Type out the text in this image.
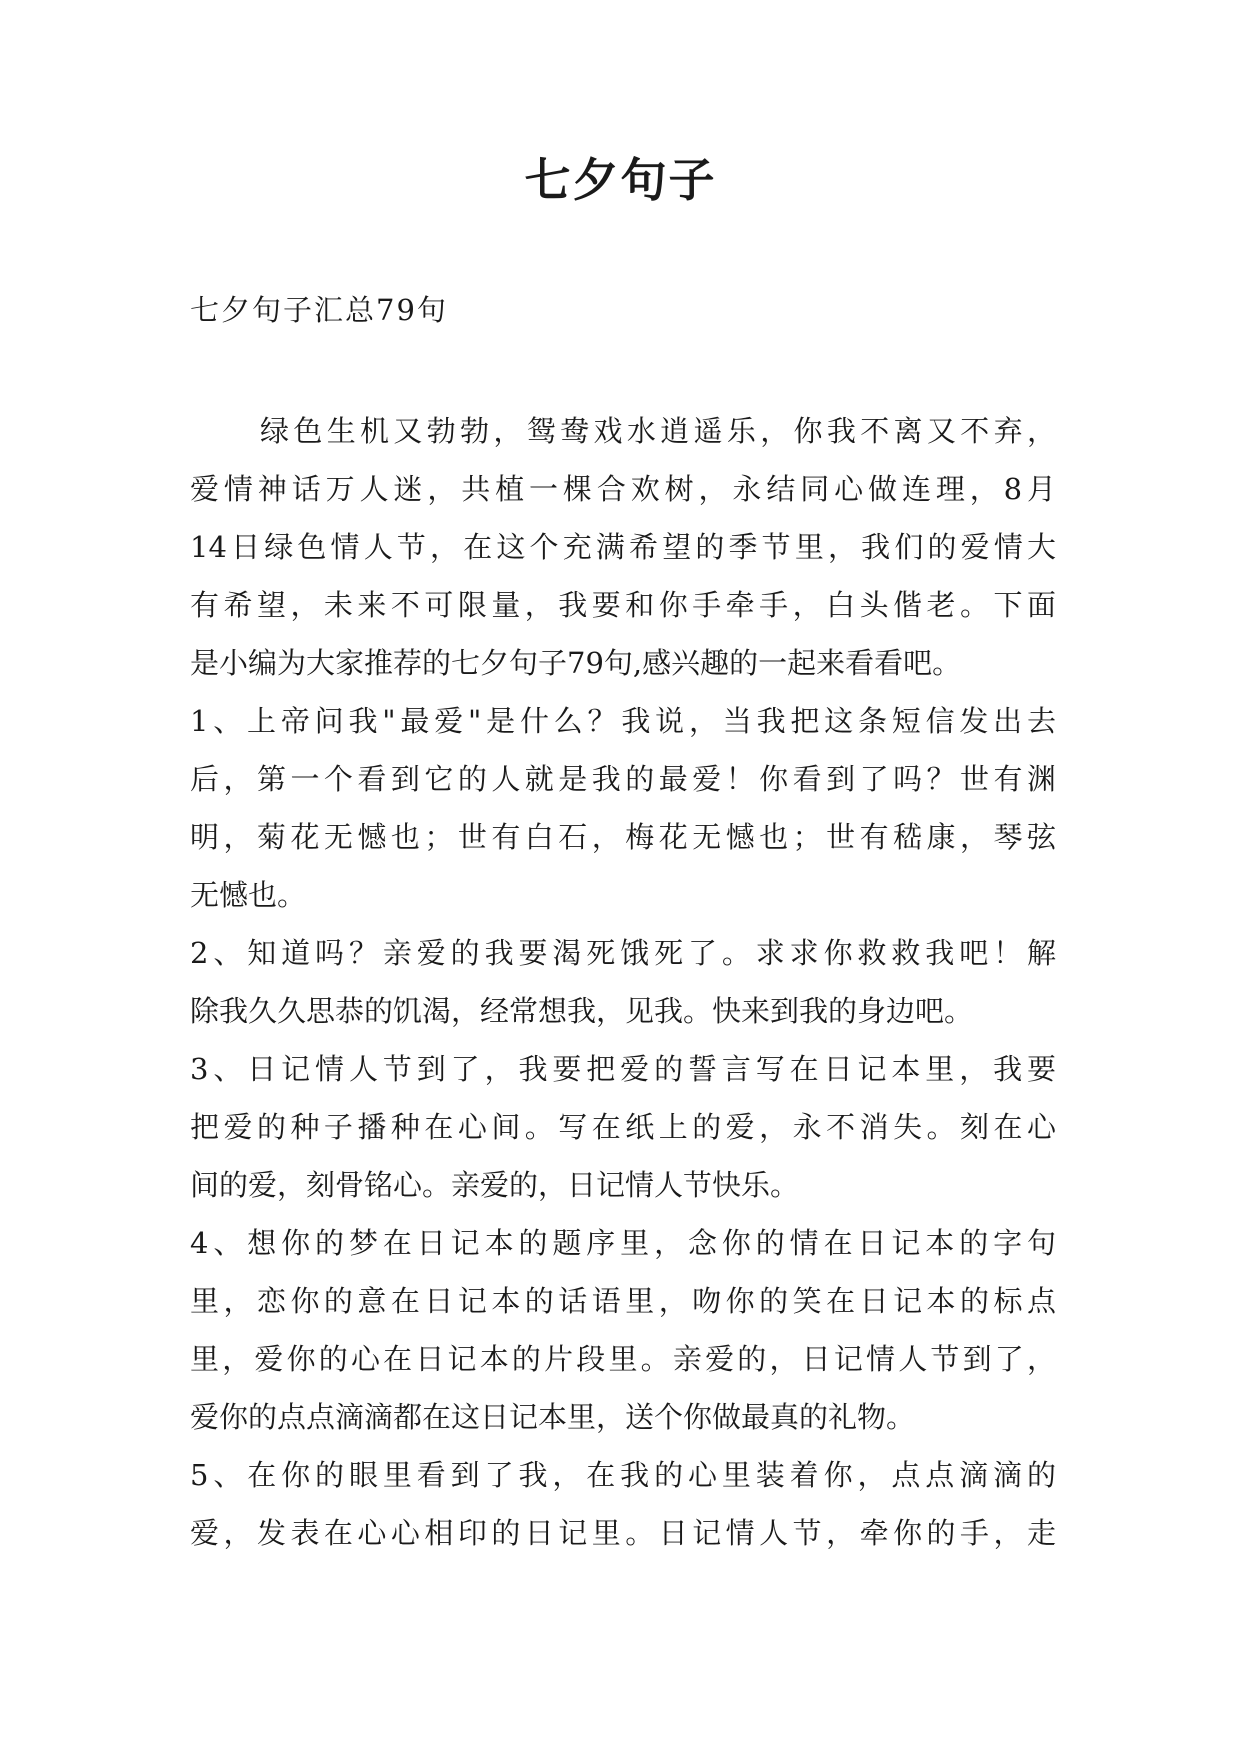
七夕句子
七夕句子汇总79句
绿色生机又勃勃，鸳鸯戏水逍遥乐，你我不离又不弃，
爱情神话万人迷，共植一棵合欢树，永结同心做连理，8月
14日绿色情人节，在这个充满希望的季节里，我们的爱情大
有希望，未来不可限量，我要和你手牵手，白头偕老。下面
是小编为大家推荐的七夕句子79句,感兴趣的一起来看看吧。
1、上帝问我"最爱"是什么？我说，当我把这条短信发出去
后，第一个看到它的人就是我的最爱！你看到了吗？世有渊
明，菊花无憾也；世有白石，梅花无憾也；世有嵇康，琴弦
无憾也。
2、知道吗？亲爱的我要渴死饿死了。求求你救救我吧！解
除我久久思恭的饥渴，经常想我，见我。快来到我的身边吧。
3、日记情人节到了，我要把爱的誓言写在日记本里，我要
把爱的种子播种在心间。写在纸上的爱，永不消失。刻在心
间的爱，刻骨铭心。亲爱的，日记情人节快乐。
4、想你的梦在日记本的题序里，念你的情在日记本的字句
里，恋你的意在日记本的话语里，吻你的笑在日记本的标点
里，爱你的心在日记本的片段里。亲爱的，日记情人节到了，
爱你的点点滴滴都在这日记本里，送个你做最真的礼物。
5、在你的眼里看到了我，在我的心里装着你，点点滴滴的
爱，发表在心心相印的日记里。日记情人节，牵你的手，走
